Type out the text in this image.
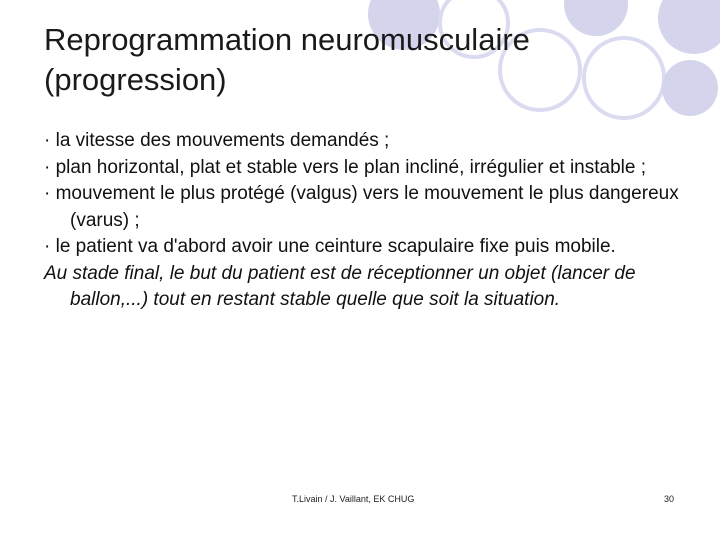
Reprogrammation neuromusculaire
(progression)

· la vitesse des mouvements demandés ;

· plan horizontal, plat et stable vers le plan incliné, irrégulier et instable ;

· mouvement le plus protégé (valgus) vers le mouvement le plus dangereux (varus) ;

· le patient va d'abord avoir une ceinture scapulaire fixe puis mobile.

Au stade final, le but du patient est de réceptionner un objet (lancer de ballon,...) tout en restant stable quelle que soit la situation.

T.Livain / J. Vaillant, EK CHUG	30
